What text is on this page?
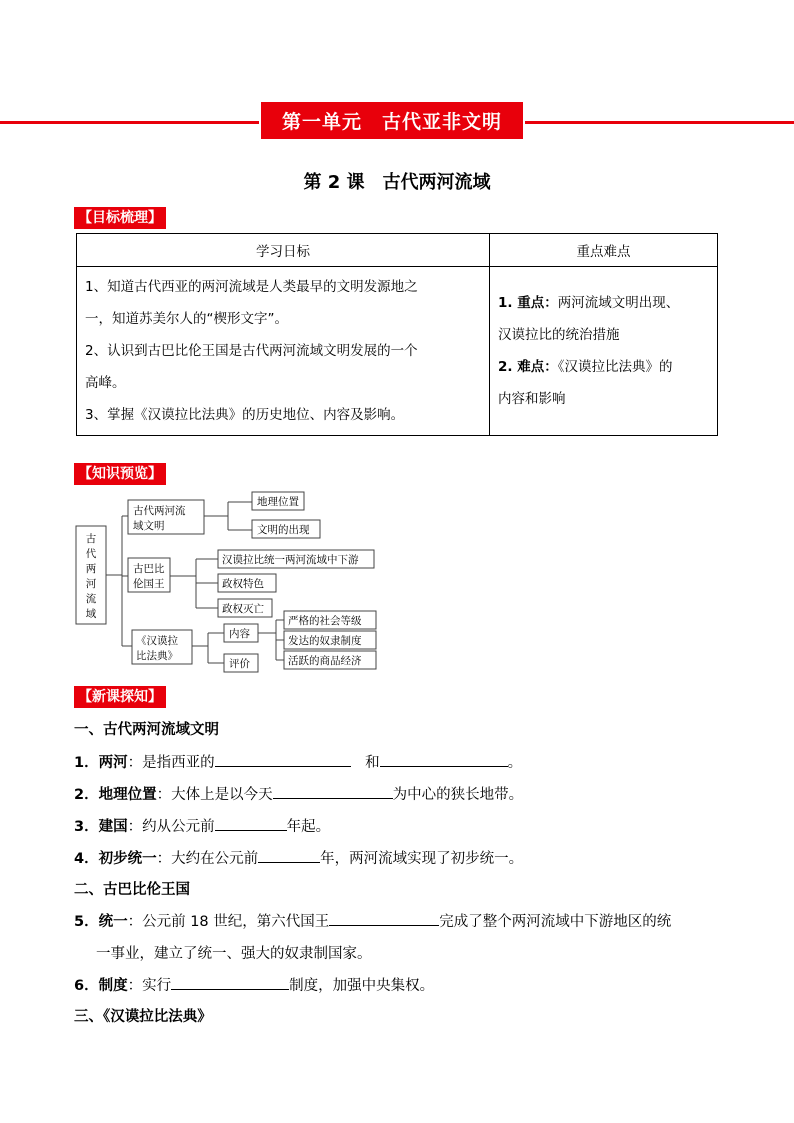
第一单元　古代亚非文明
第 2 课　古代两河流域
【目标梳理】
学习日标	重点难点

1、知道古代西亚的两河流域是人类最早的文明发源地之
一，知道苏美尔人的“楔形文字”。
2、认识到古巴比伦王国是古代两河流域文明发展的一个
高峰。
3、掌握《汉谟拉比法典》的历史地位、内容及影响。	1. 重点：两河流域文明出现、
汉谟拉比的统治措施
2. 难点：《汉谟拉比法典》的
内容和影响
【知识预览】
古
代
两
河
流
域
古代两河流
域文明
地理位置
文明的出现
古巴比
伦国王
汉谟拉比统一两河流域中下游
政权特色
政权灭亡
《汉谟拉
比法典》
内容
评价
严格的社会等级
发达的奴隶制度
活跃的商品经济
【新课探知】
一、古代两河流域文明
1．两河：是指西亚的　	和	。
2．地理位置：大体上是以今天	为中心的狭长地带。
3．建国：约从公元前	年起。
4．初步统一：大约在公元前	年，两河流域实现了初步统一。
二、古巴比伦王国
5．统一：公元前 18 世纪，第六代国王	完成了整个两河流域中下游地区的统
一事业，建立了统一、强大的奴隶制国家。
6．制度：实行	制度，加强中央集权。
三、《汉谟拉比法典》
